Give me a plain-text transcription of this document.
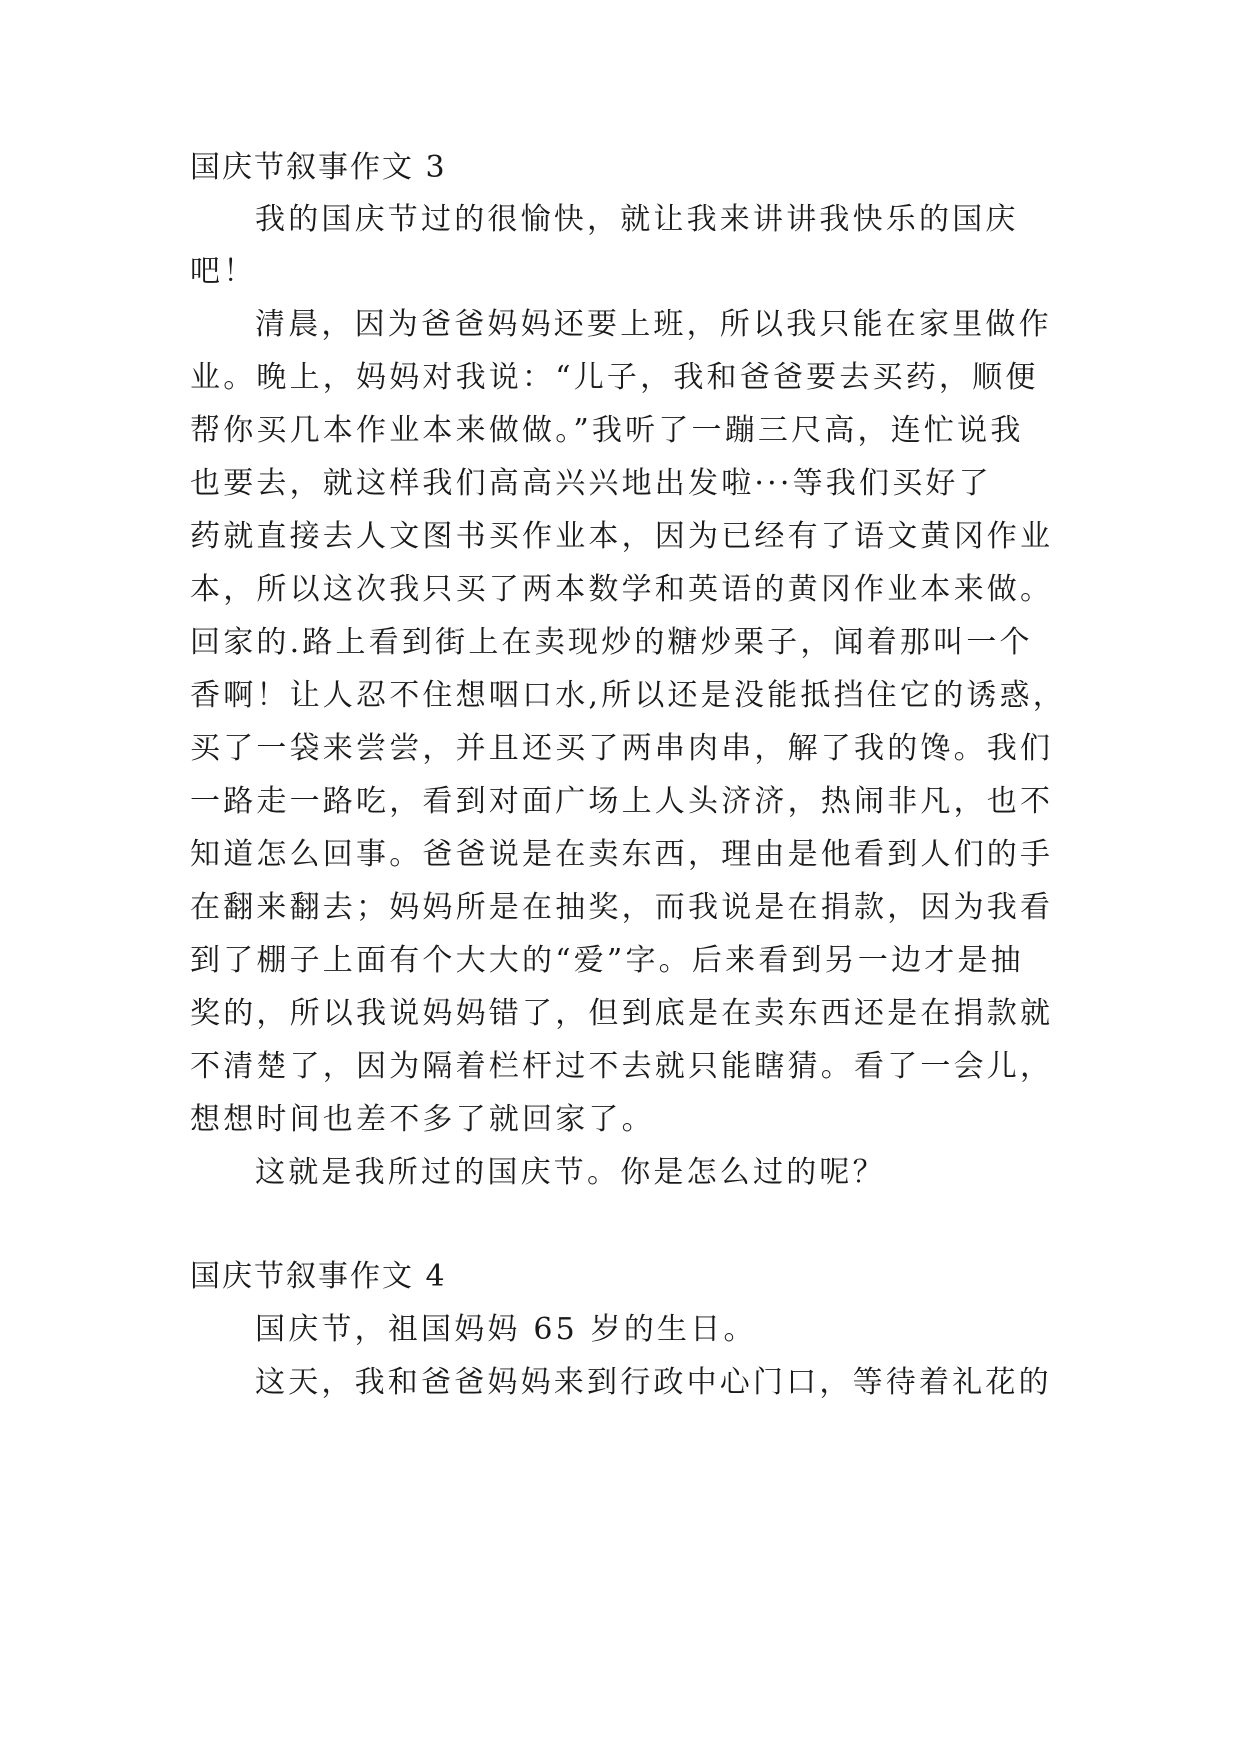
国庆节叙事作文 3
我的国庆节过的很愉快，就让我来讲讲我快乐的国庆
吧！
清晨，因为爸爸妈妈还要上班，所以我只能在家里做作
业。晚上，妈妈对我说：“儿子，我和爸爸要去买药，顺便
帮你买几本作业本来做做。”我听了一蹦三尺高，连忙说我
也要去，就这样我们高高兴兴地出发啦···等我们买好了
药就直接去人文图书买作业本，因为已经有了语文黄冈作业
本，所以这次我只买了两本数学和英语的黄冈作业本来做。
回家的.路上看到街上在卖现炒的糖炒栗子，闻着那叫一个
香啊！让人忍不住想咽口水,所以还是没能抵挡住它的诱惑，
买了一袋来尝尝，并且还买了两串肉串，解了我的馋。我们
一路走一路吃，看到对面广场上人头济济，热闹非凡，也不
知道怎么回事。爸爸说是在卖东西，理由是他看到人们的手
在翻来翻去；妈妈所是在抽奖，而我说是在捐款，因为我看
到了棚子上面有个大大的“爱”字。后来看到另一边才是抽
奖的，所以我说妈妈错了，但到底是在卖东西还是在捐款就
不清楚了，因为隔着栏杆过不去就只能瞎猜。看了一会儿，
想想时间也差不多了就回家了。
这就是我所过的国庆节。你是怎么过的呢？
国庆节叙事作文 4
国庆节，祖国妈妈 65 岁的生日。
这天，我和爸爸妈妈来到行政中心门口，等待着礼花的
